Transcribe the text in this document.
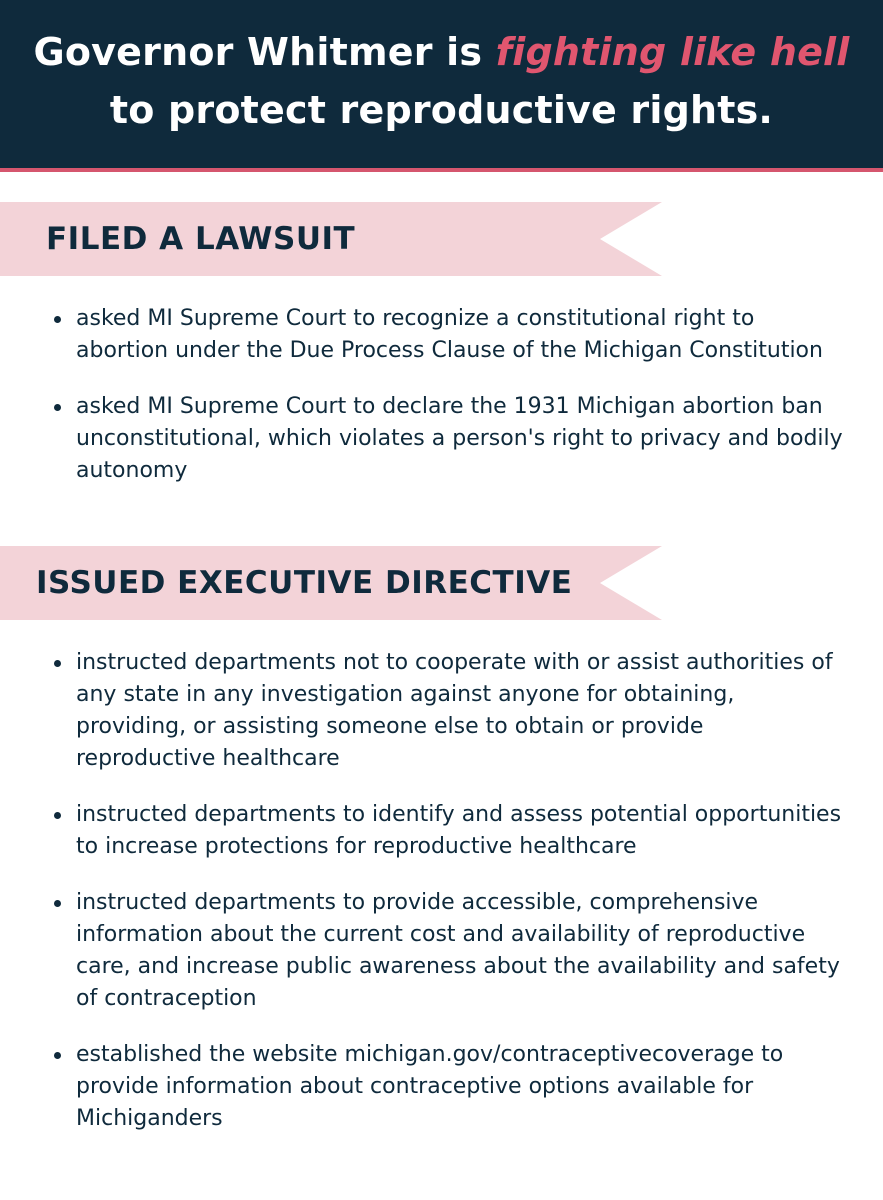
Governor Whitmer is fighting like hell
to protect reproductive rights.
FILED A LAWSUIT
asked MI Supreme Court to recognize a constitutional right to abortion under the Due Process Clause of the Michigan Constitution
asked MI Supreme Court to declare the 1931 Michigan abortion ban unconstitutional, which violates a person's right to privacy and bodily autonomy
ISSUED EXECUTIVE DIRECTIVE
instructed departments not to cooperate with or assist authorities of any state in any investigation against anyone for obtaining, providing, or assisting someone else to obtain or provide reproductive healthcare
instructed departments to identify and assess potential opportunities to increase protections for reproductive healthcare
instructed departments to provide accessible, comprehensive information about the current cost and availability of reproductive care, and increase public awareness about the availability and safety of contraception
established the website michigan.gov/contraceptivecoverage to provide information about contraceptive options available for Michiganders
